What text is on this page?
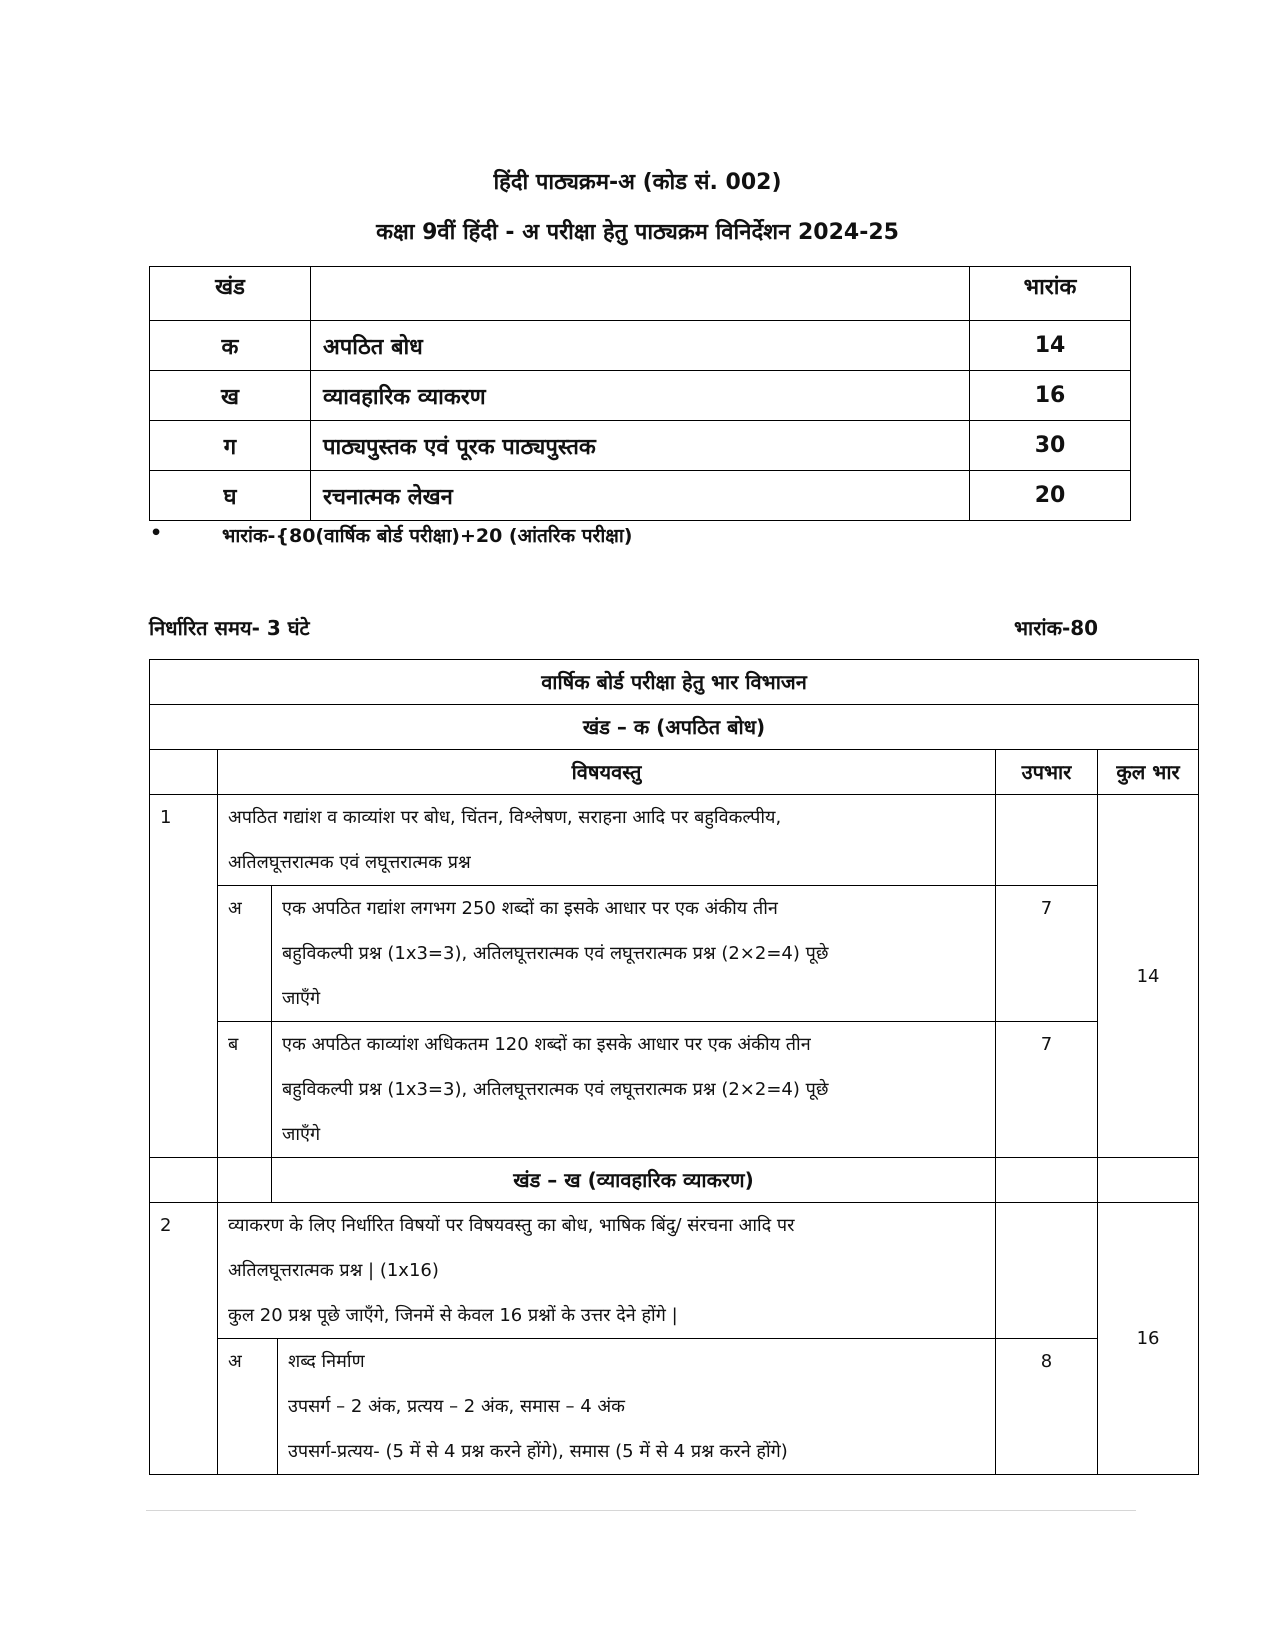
हिंदी पाठ्यक्रम-अ (कोड सं. 002)
कक्षा 9वीं हिंदी - अ परीक्षा हेतु पाठ्यक्रम विनिर्देशन 2024-25
खंड		भारांक
क	अपठित बोध	14
ख	व्यावहारिक व्याकरण	16
ग	पाठ्यपुस्तक एवं पूरक पाठ्यपुस्तक	30
घ	रचनात्मक लेखन	20
•	भारांक-{80(वार्षिक बोर्ड परीक्षा)+20 (आंतरिक परीक्षा)
निर्धारित समय- 3 घंटे	भारांक-80
वार्षिक बोर्ड परीक्षा हेतु भार विभाजन					
खंड – क (अपठित बोध)					
	विषयवस्तु			उपभार	कुल भार
1	अपठित गद्यांश व काव्यांश पर बोध, चिंतन, विश्लेषण, सराहना आदि पर बहुविकल्पीय,
अतिलघूत्तरात्मक एवं लघूत्तरात्मक प्रश्न				14
	अ	एक अपठित गद्यांश लगभग 250 शब्दों का इसके आधार पर एक अंकीय तीन
बहुविकल्पी प्रश्न (1x3=3), अतिलघूत्तरात्मक एवं लघूत्तरात्मक प्रश्न (2×2=4) पूछे
जाएँगे		7	
	ब	एक अपठित काव्यांश अधिकतम 120 शब्दों का इसके आधार पर एक अंकीय तीन
बहुविकल्पी प्रश्न (1x3=3), अतिलघूत्तरात्मक एवं लघूत्तरात्मक प्रश्न (2×2=4) पूछे
जाएँगे		7	
		खंड – ख (व्यावहारिक व्याकरण)			
2	व्याकरण के लिए निर्धारित विषयों पर विषयवस्तु का बोध, भाषिक बिंदु/ संरचना आदि पर
अतिलघूत्तरात्मक प्रश्न | (1x16)
कुल 20 प्रश्न पूछे जाएँगे, जिनमें से केवल 16 प्रश्नों के उत्तर देने होंगे |				16
	अ		शब्द निर्माण
उपसर्ग – 2 अंक, प्रत्यय – 2 अंक, समास – 4 अंक
उपसर्ग-प्रत्यय- (5 में से 4 प्रश्न करने होंगे), समास (5 में से 4 प्रश्न करने होंगे)	8	
